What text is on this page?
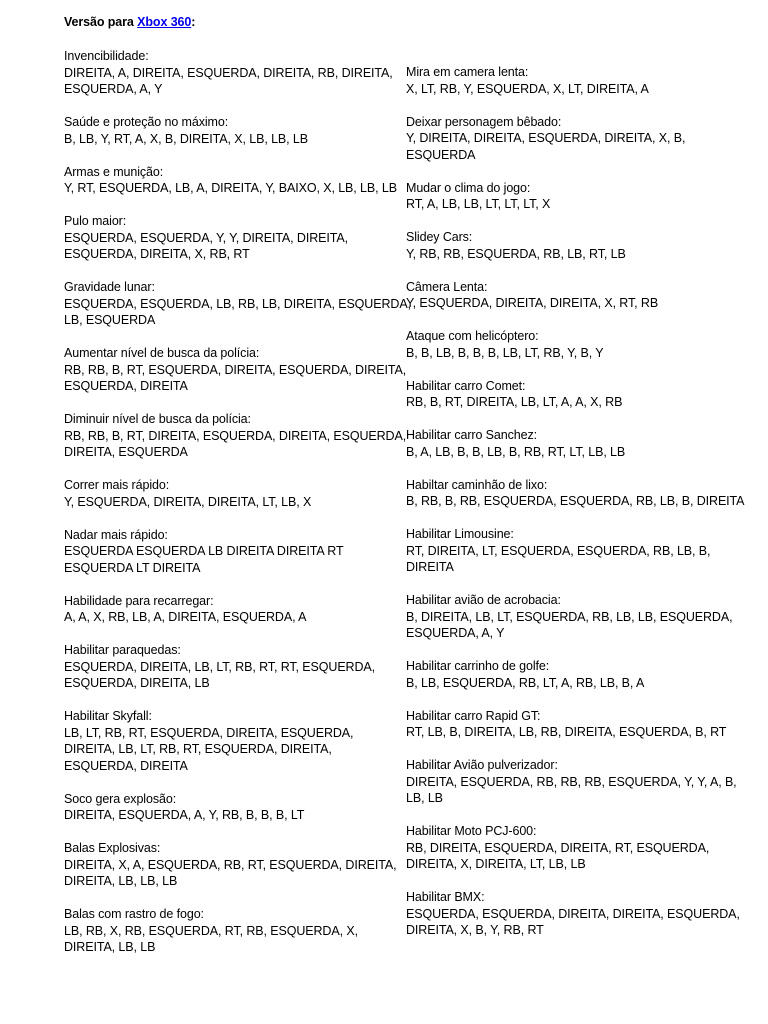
Versão para Xbox 360:
Invencibilidade:
DIREITA, A, DIREITA, ESQUERDA, DIREITA, RB, DIREITA,
ESQUERDA, A, Y
Saúde e proteção no máximo:
B, LB, Y, RT, A, X, B, DIREITA, X, LB, LB, LB
Armas e munição:
Y, RT, ESQUERDA, LB, A, DIREITA, Y, BAIXO, X, LB, LB, LB
Pulo maior:
ESQUERDA, ESQUERDA, Y, Y, DIREITA, DIREITA,
ESQUERDA, DIREITA, X, RB, RT
Gravidade lunar:
ESQUERDA, ESQUERDA, LB, RB, LB, DIREITA, ESQUERDA,
LB, ESQUERDA
Aumentar nível de busca da polícia:
RB, RB, B, RT, ESQUERDA, DIREITA, ESQUERDA, DIREITA,
ESQUERDA, DIREITA
Diminuir nível de busca da polícia:
RB, RB, B, RT, DIREITA, ESQUERDA, DIREITA, ESQUERDA,
DIREITA, ESQUERDA
Correr mais rápido:
Y, ESQUERDA, DIREITA, DIREITA, LT, LB, X
Nadar mais rápido:
ESQUERDA ESQUERDA LB DIREITA DIREITA RT
ESQUERDA LT DIREITA
Habilidade para recarregar:
A, A, X, RB, LB, A, DIREITA, ESQUERDA, A
Habilitar paraquedas:
ESQUERDA, DIREITA, LB, LT, RB, RT, RT, ESQUERDA,
ESQUERDA, DIREITA, LB
Habilitar Skyfall:
LB, LT, RB, RT, ESQUERDA, DIREITA, ESQUERDA,
DIREITA, LB, LT, RB, RT, ESQUERDA, DIREITA,
ESQUERDA, DIREITA
Soco gera explosão:
DIREITA, ESQUERDA, A, Y, RB, B, B, B, LT
Balas Explosivas:
DIREITA, X, A, ESQUERDA, RB, RT, ESQUERDA, DIREITA,
DIREITA, LB, LB, LB
Balas com rastro de fogo:
LB, RB, X, RB, ESQUERDA, RT, RB, ESQUERDA, X,
DIREITA, LB, LB
Mira em camera lenta:
X, LT, RB, Y, ESQUERDA, X, LT, DIREITA, A
Deixar personagem bêbado:
Y, DIREITA, DIREITA, ESQUERDA, DIREITA, X, B,
ESQUERDA
Mudar o clima do jogo:
RT, A, LB, LB, LT, LT, LT, X
Slidey Cars:
Y, RB, RB, ESQUERDA, RB, LB, RT, LB
Câmera Lenta:
Y, ESQUERDA, DIREITA, DIREITA, X, RT, RB
Ataque com helicóptero:
B, B, LB, B, B, B, LB, LT, RB, Y, B, Y
Habilitar carro Comet:
RB, B, RT, DIREITA, LB, LT, A, A, X, RB
Habilitar carro Sanchez:
B, A, LB, B, B, LB, B, RB, RT, LT, LB, LB
Habiltar caminhão de lixo:
B, RB, B, RB, ESQUERDA, ESQUERDA, RB, LB, B, DIREITA
Habilitar Limousine:
RT, DIREITA, LT, ESQUERDA, ESQUERDA, RB, LB, B,
DIREITA
Habilitar avião de acrobacia:
B, DIREITA, LB, LT, ESQUERDA, RB, LB, LB, ESQUERDA,
ESQUERDA, A, Y
Habilitar carrinho de golfe:
B, LB, ESQUERDA, RB, LT, A, RB, LB, B, A
Habilitar carro Rapid GT:
RT, LB, B, DIREITA, LB, RB, DIREITA, ESQUERDA, B, RT
Habilitar Avião pulverizador:
DIREITA, ESQUERDA, RB, RB, RB, ESQUERDA, Y, Y, A, B,
LB, LB
Habilitar Moto PCJ-600:
RB, DIREITA, ESQUERDA, DIREITA, RT, ESQUERDA,
DIREITA, X, DIREITA, LT, LB, LB
Habilitar BMX:
ESQUERDA, ESQUERDA, DIREITA, DIREITA, ESQUERDA,
DIREITA, X, B, Y, RB, RT
